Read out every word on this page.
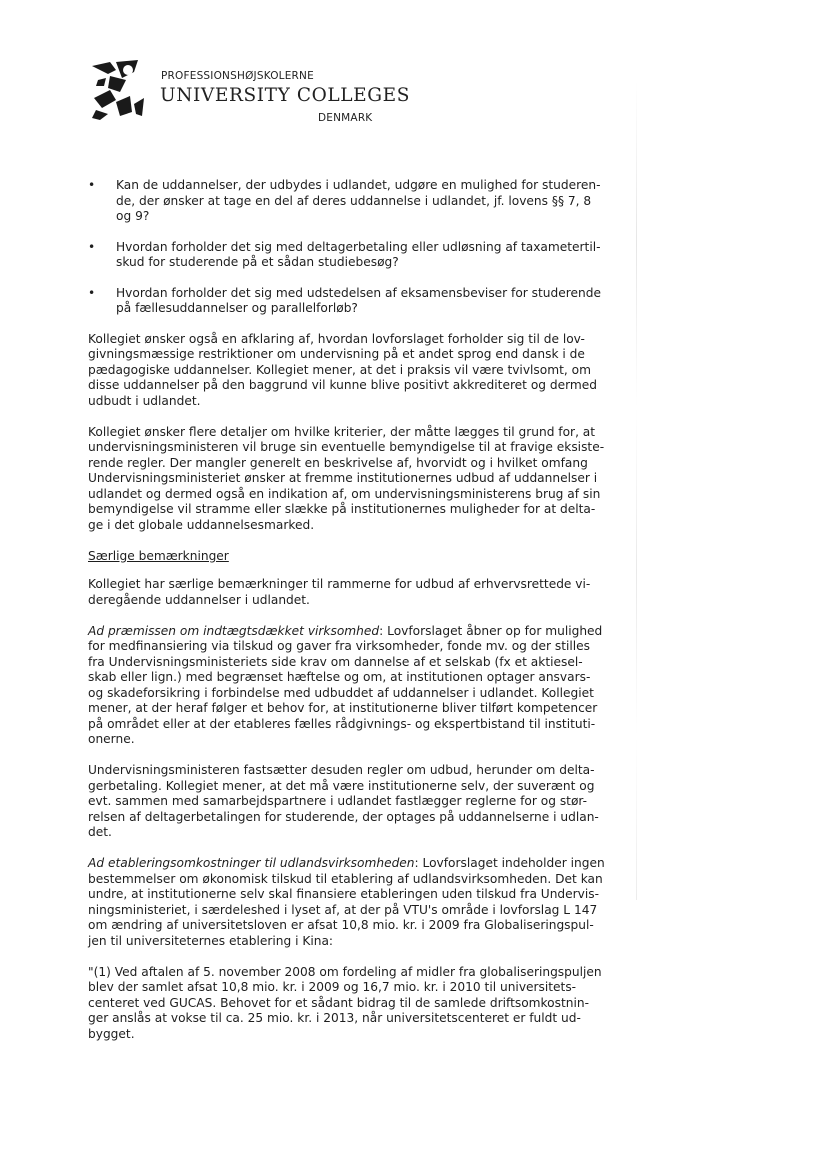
PROFESSIONSHØJSKOLERNE
UNIVERSITY COLLEGES
DENMARK
• Kan de uddannelser, der udbydes i udlandet, udgøre en mulighed for studeren-de, der ønsker at tage en del af deres uddannelse i udlandet, jf. lovens §§ 7, 8 og 9?
• Hvordan forholder det sig med deltagerbetaling eller udløsning af taxametertil-skud for studerende på et sådan studiebesøg?
• Hvordan forholder det sig med udstedelsen af eksamensbeviser for studerende på fællesuddannelser og parallelforløb?

Kollegiet ønsker også en afklaring af, hvordan lovforslaget forholder sig til de lov-givningsmæssige restriktioner om undervisning på et andet sprog end dansk i de pædagogiske uddannelser. Kollegiet mener, at det i praksis vil være tvivlsomt, om disse uddannelser på den baggrund vil kunne blive positivt akkrediteret og dermed udbudt i udlandet.

Kollegiet ønsker flere detaljer om hvilke kriterier, der måtte lægges til grund for, at undervisningsministeren vil bruge sin eventuelle bemyndigelse til at fravige eksiste-rende regler. Der mangler generelt en beskrivelse af, hvorvidt og i hvilket omfang Undervisningsministeriet ønsker at fremme institutionernes udbud af uddannelser i udlandet og dermed også en indikation af, om undervisningsministerens brug af sin bemyndigelse vil stramme eller slække på institutionernes muligheder for at delta-ge i det globale uddannelsesmarked.

Særlige bemærkninger

Kollegiet har særlige bemærkninger til rammerne for udbud af erhvervsrettede vi-deregående uddannelser i udlandet.

Ad præmissen om indtægtsdækket virksomhed: Lovforslaget åbner op for mulighed for medfinansiering via tilskud og gaver fra virksomheder, fonde mv. og der stilles fra Undervisningsministeriets side krav om dannelse af et selskab (fx et aktiesel-skab eller lign.) med begrænset hæftelse og om, at institutionen optager ansvars- og skadeforsikring i forbindelse med udbuddet af uddannelser i udlandet. Kollegiet mener, at der heraf følger et behov for, at institutionerne bliver tilført kompetencer på området eller at der etableres fælles rådgivnings- og ekspertbistand til instituti-onerne.

Undervisningsministeren fastsætter desuden regler om udbud, herunder om delta-gerbetaling. Kollegiet mener, at det må være institutionerne selv, der suverænt og evt. sammen med samarbejdspartnere i udlandet fastlægger reglerne for og stør-relsen af deltagerbetalingen for studerende, der optages på uddannelserne i udlan-det.

Ad etableringsomkostninger til udlandsvirksomheden: Lovforslaget indeholder ingen bestemmelser om økonomisk tilskud til etablering af udlandsvirksomheden. Det kan undre, at institutionerne selv skal finansiere etableringen uden tilskud fra Undervis-ningsministeriet, i særdeleshed i lyset af, at der på VTU's område i lovforslag L 147 om ændring af universitetsloven er afsat 10,8 mio. kr. i 2009 fra Globaliseringspul-jen til universiteternes etablering i Kina:

"(1) Ved aftalen af 5. november 2008 om fordeling af midler fra globaliseringspuljen blev der samlet afsat 10,8 mio. kr. i 2009 og 16,7 mio. kr. i 2010 til universitets-centeret ved GUCAS. Behovet for et sådant bidrag til de samlede driftsomkostnin-ger anslås at vokse til ca. 25 mio. kr. i 2013, når universitetscenteret er fuldt ud-bygget.
